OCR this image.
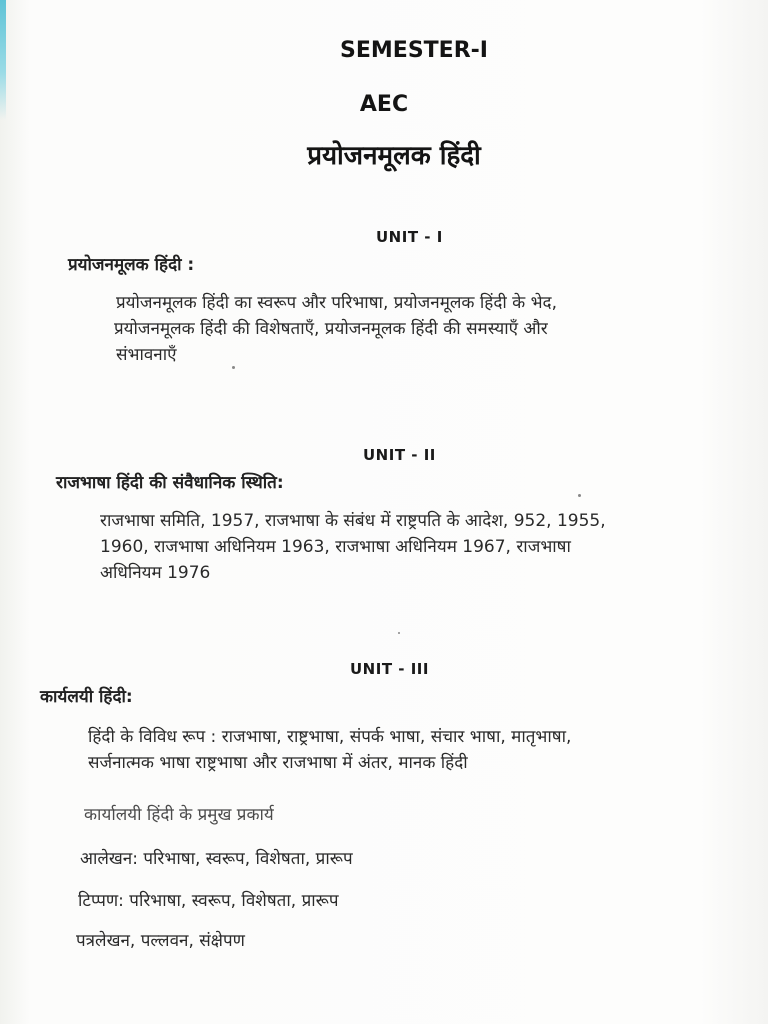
SEMESTER-I
AEC
प्रयोजनमूलक हिंदी
UNIT - I
प्रयोजनमूलक हिंदी :
प्रयोजनमूलक हिंदी का स्वरूप और परिभाषा, प्रयोजनमूलक हिंदी के भेद,
प्रयोजनमूलक हिंदी की विशेषताएँ, प्रयोजनमूलक हिंदी की समस्याएँ और
संभावनाएँ
UNIT - II
राजभाषा हिंदी की संवैधानिक स्थिति:
राजभाषा समिति, 1957, राजभाषा के संबंध में राष्ट्रपति के आदेश, 952, 1955,
1960, राजभाषा अधिनियम 1963, राजभाषा अधिनियम 1967, राजभाषा
अधिनियम 1976
UNIT - III
कार्यलयी हिंदी:
हिंदी के विविध रूप : राजभाषा, राष्ट्रभाषा, संपर्क भाषा, संचार भाषा, मातृभाषा,
सर्जनात्मक भाषा राष्ट्रभाषा और राजभाषा में अंतर, मानक हिंदी
कार्यालयी हिंदी के प्रमुख प्रकार्य
आलेखन: परिभाषा, स्वरूप, विशेषता, प्रारूप
टिप्पण: परिभाषा, स्वरूप, विशेषता, प्रारूप
पत्रलेखन, पल्लवन, संक्षेपण
